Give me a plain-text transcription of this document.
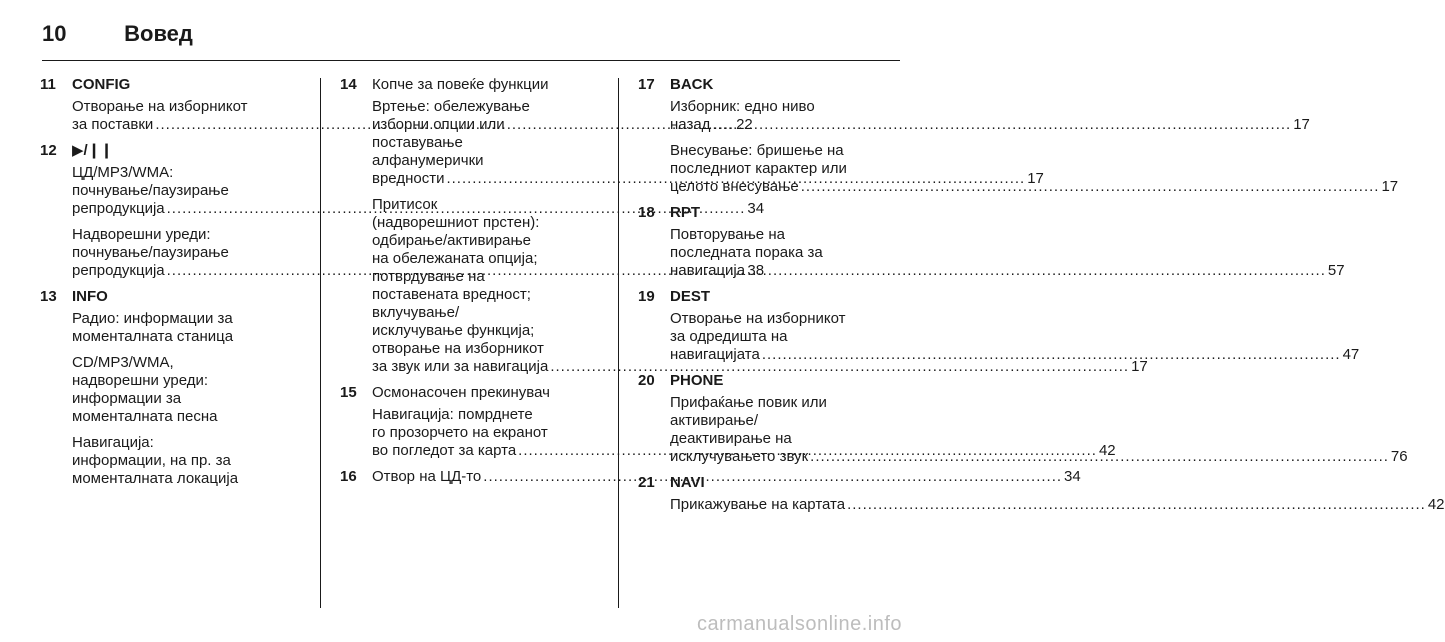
10	Вовед
11	CONFIG
Отворање на изборникот
за поставки .....	22
12	▶/❙❙
ЦД/MP3/WMA:
почнување/паузирање
репродукција .....	34
Надворешни уреди:
почнување/паузирање
репродукција .....	38
13	INFO
Радио: информации за
моменталната станица
CD/MP3/WMA,
надворешни уреди:
информации за
моменталната песна
Навигација:
информации, на пр. за
моменталната локација
14	Копче за повеќе функции
Вртење: обележување
изборни опции или
поставување
алфанумерички
вредности .....	17
Притисок
(надворешниот прстен):
одбирање/активирање
на обележаната опција;
потврдување на
поставената вредност;
вклучување/
исклучување функција;
отворање на изборникот
за звук или за навигација .....	17
15	Осмонасочен прекинувач
Навигација: помрднете
го прозорчето на екранот
во погледот за карта .....	42
16	Отвор на ЦД-то .....	34
17	BACK
Изборник: едно ниво
назад .....	17
Внесување: бришење на
последниот карактер или
целото внесување .....	17
18	RPT
Повторување на
последната порака за
навигација .....	57
19	DEST
Отворање на изборникот
за одредишта на
навигацијата .....	47
20	PHONE
Прифаќање повик или
активирање/
деактивирање на
исклучувањето звук .....	76
21	NAVI
Прикажување на картата .....	42
carmanualsonline.info
